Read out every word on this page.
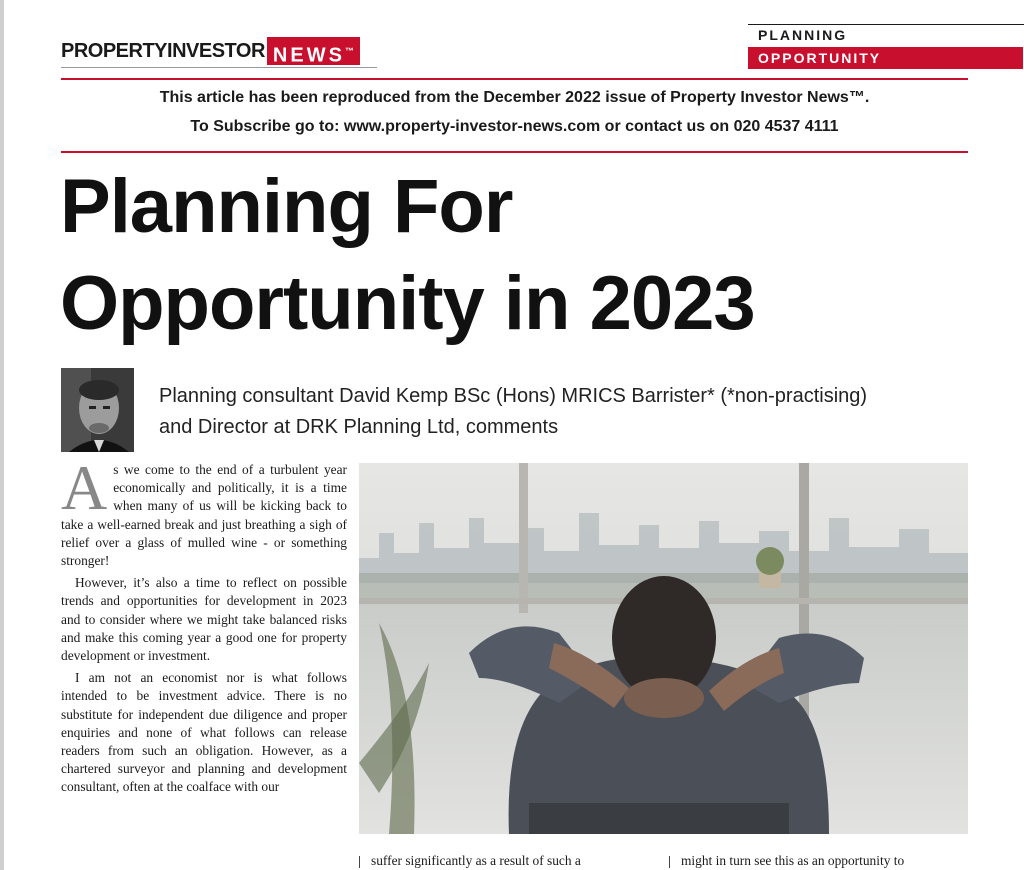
PROPERTYINVESTOR NEWS™
PLANNING
OPPORTUNITY
This article has been reproduced from the December 2022 issue of Property Investor News™.
To Subscribe go to: www.property-investor-news.com or contact us on 020 4537 4111
Planning For
Opportunity in 2023
Planning consultant David Kemp BSc (Hons) MRICS Barrister* (*non-practising)
and Director at DRK Planning Ltd, comments

As we come to the end of a turbulent year economically and politically, it is a time when many of us will be kicking back to take a well-earned break and just breathing a sigh of relief over a glass of mulled wine - or something stronger!

However, it’s also a time to reflect on possible trends and opportunities for development in 2023 and to consider where we might take balanced risks and make this coming year a good one for property development or investment.

I am not an economist nor is what follows intended to be investment advice. There is no substitute for independent due diligence and proper enquiries and none of what follows can release readers from such an obligation. However, as a chartered surveyor and planning and development consultant, often at the coalface with our

suffer significantly as a result of such a	might in turn see this as an opportunity to
